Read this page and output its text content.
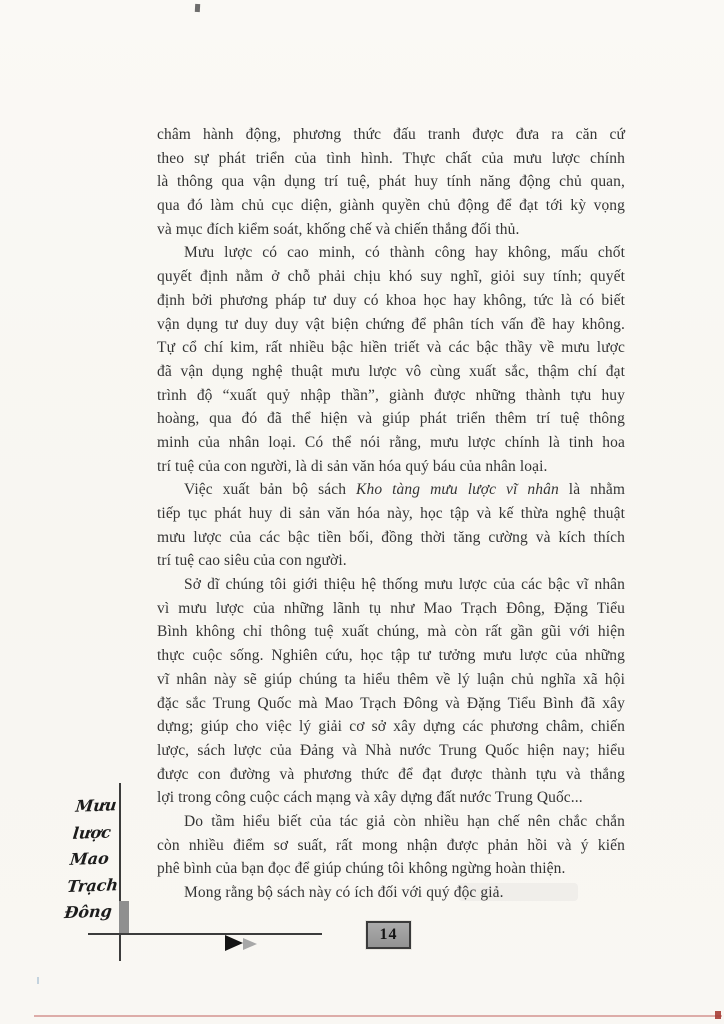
châm hành động, phương thức đấu tranh được đưa ra căn cứ
theo sự phát triển của tình hình. Thực chất của mưu lược chính
là thông qua vận dụng trí tuệ, phát huy tính năng động chủ quan,
qua đó làm chủ cục diện, giành quyền chủ động để đạt tới kỳ vọng
và mục đích kiểm soát, khống chế và chiến thắng đối thủ.
Mưu lược có cao minh, có thành công hay không, mấu chốt
quyết định nằm ở chỗ phải chịu khó suy nghĩ, giỏi suy tính; quyết
định bởi phương pháp tư duy có khoa học hay không, tức là có biết
vận dụng tư duy duy vật biện chứng để phân tích vấn đề hay không.
Tự cổ chí kim, rất nhiều bậc hiền triết và các bậc thầy về mưu lược
đã vận dụng nghệ thuật mưu lược vô cùng xuất sắc, thậm chí đạt
trình độ “xuất quỷ nhập thần”, giành được những thành tựu huy
hoàng, qua đó đã thể hiện và giúp phát triển thêm trí tuệ thông
minh của nhân loại. Có thể nói rằng, mưu lược chính là tinh hoa
trí tuệ của con người, là di sản văn hóa quý báu của nhân loại.
Việc xuất bản bộ sách Kho tàng mưu lược vĩ nhân là nhằm
tiếp tục phát huy di sản văn hóa này, học tập và kế thừa nghệ thuật
mưu lược của các bậc tiền bối, đồng thời tăng cường và kích thích
trí tuệ cao siêu của con người.
Sở dĩ chúng tôi giới thiệu hệ thống mưu lược của các bậc vĩ nhân
vì mưu lược của những lãnh tụ như Mao Trạch Đông, Đặng Tiểu
Bình không chỉ thông tuệ xuất chúng, mà còn rất gần gũi với hiện
thực cuộc sống. Nghiên cứu, học tập tư tưởng mưu lược của những
vĩ nhân này sẽ giúp chúng ta hiểu thêm về lý luận chủ nghĩa xã hội
đặc sắc Trung Quốc mà Mao Trạch Đông và Đặng Tiểu Bình đã xây
dựng; giúp cho việc lý giải cơ sở xây dựng các phương châm, chiến
lược, sách lược của Đảng và Nhà nước Trung Quốc hiện nay; hiểu
được con đường và phương thức để đạt được thành tựu và thắng
lợi trong công cuộc cách mạng và xây dựng đất nước Trung Quốc...
Do tầm hiểu biết của tác giả còn nhiều hạn chế nên chắc chắn
còn nhiều điểm sơ suất, rất mong nhận được phản hồi và ý kiến
phê bình của bạn đọc để giúp chúng tôi không ngừng hoàn thiện.
Mong rằng bộ sách này có ích đối với quý độc giả.
Mưu
lược
Mao
Trạch
Đông
14
